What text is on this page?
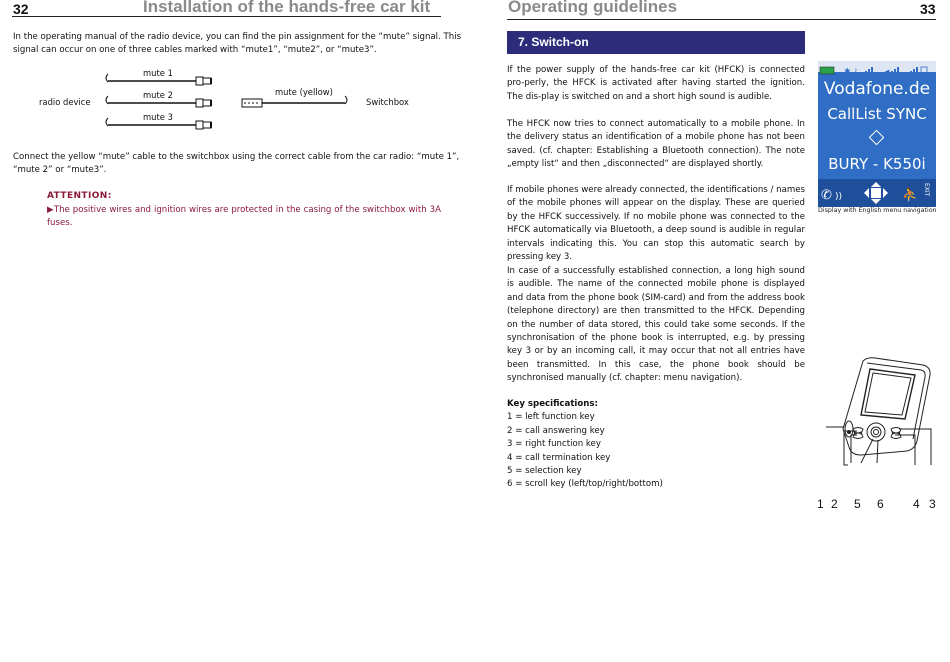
32	Installation of the hands-free car kit
In the operating manual of the radio device, you can find the pin assignment for the “mute” signal. This
signal can occur on one of three cables marked with “mute1”, “mute2”, or “mute3”.
radio device
mute 1
mute 2
mute 3
mute (yellow)
Switchbox
Connect the yellow “mute” cable to the switchbox using the correct cable from the car radio: “mute 1”,
“mute 2” or “mute3”.
ATTENTION:
▶The positive wires and ignition wires are protected in the casing of the switchbox with 3A fuses.
Operating guidelines	33
7. Switch-on
If the power supply of the hands-free car kit (HFCK) is connected pro-perly, the HFCK is activated after having started the ignition. The dis-play is switched on and a short high sound is audible.
The HFCK now tries to connect automatically to a mobile phone. In the delivery status an identification of a mobile phone has not been saved. (cf. chapter: Establishing a Bluetooth connection). The note „empty list“ and then „disconnected“ are displayed shortly.
If mobile phones were already connected, the identifications / names of the mobile phones will appear on the display. These are queried by the HFCK successively. If no mobile phone was connected to the HFCK automatically via Bluetooth, a deep sound is audible in regular intervals indicating this. You can stop this automatic search by pressing key 3.
In case of a successfully established connection, a long high sound is audible. The name of the connected mobile phone is displayed and data from the phone book (SIM-card) and from the address book (telephone directory) are then transmitted to the HFCK. Depending on the number of data stored, this could take some seconds. If the synchronisation of the phone book is interrupted, e.g. by pressing key 3 or by an incoming call, it may occur that not all entries have been transmitted. In this case, the phone book should be synchronised manually (cf. chapter: menu navigation).
Key specifications:
1 = left function key
2 = call answering key
3 = right function key
4 = call termination key
5 = selection key
6 = scroll key (left/top/right/bottom)
✱ ᛒ	◀
Vodafone.de
CallList SYNC
BURY - K550i
✆ ))	⛹ EXIT
Display with English menu navigation
1 2 5 6 4 3
